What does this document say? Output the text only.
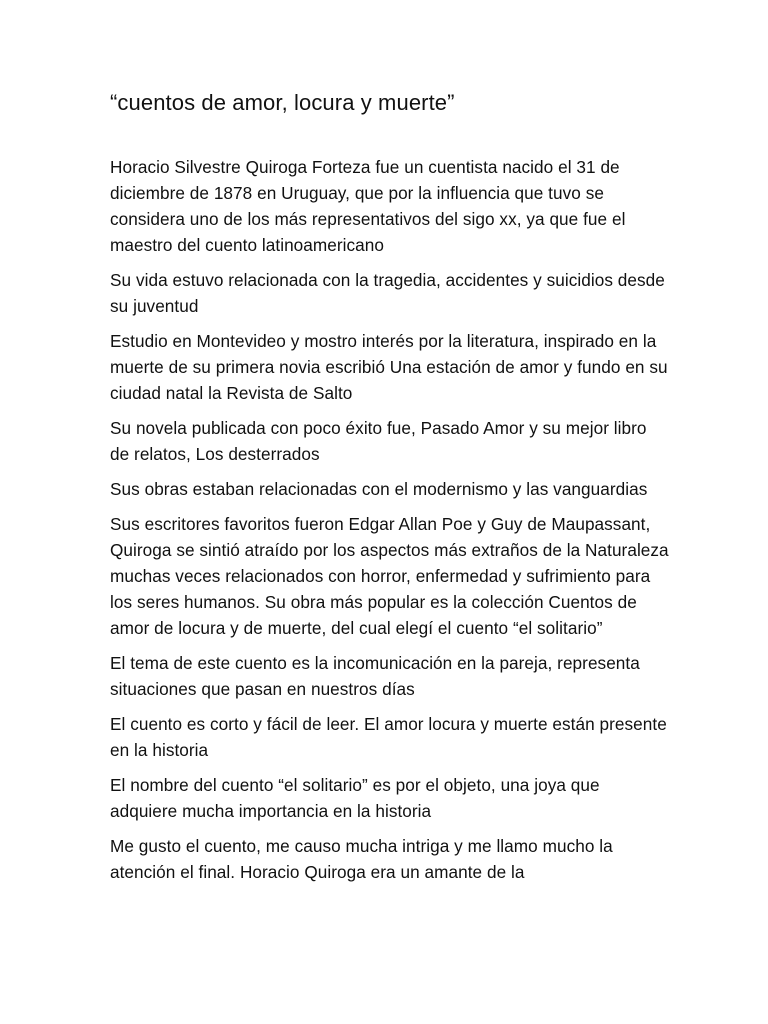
“cuentos de amor, locura y muerte”

Horacio Silvestre Quiroga Forteza fue un cuentista nacido el 31 de diciembre de 1878 en Uruguay, que por la influencia que tuvo se considera uno de los más representativos del sigo xx, ya que fue el maestro del cuento latinoamericano

Su vida estuvo relacionada con la tragedia, accidentes y suicidios desde su juventud

Estudio en Montevideo y mostro interés por la literatura, inspirado en la muerte de su primera novia escribió Una estación de amor y fundo en su ciudad natal la Revista de Salto

Su novela publicada con poco éxito fue, Pasado Amor y su mejor libro de relatos, Los desterrados

Sus obras estaban relacionadas con el modernismo y las vanguardias

Sus escritores favoritos fueron Edgar Allan Poe y Guy de Maupassant, Quiroga se sintió atraído por los aspectos más extraños de la Naturaleza muchas veces relacionados con horror, enfermedad y sufrimiento para los seres humanos. Su obra más popular es la colección Cuentos de amor de locura y de muerte, del cual elegí el cuento “el solitario”

El tema de este cuento es la incomunicación en la pareja, representa situaciones que pasan en nuestros días

El cuento es corto y fácil de leer. El amor locura y muerte están presente en la historia

El nombre del cuento “el solitario” es por el objeto, una joya que adquiere mucha importancia en la historia

Me gusto el cuento, me causo mucha intriga y me llamo mucho la atención el final. Horacio Quiroga era un amante de la
